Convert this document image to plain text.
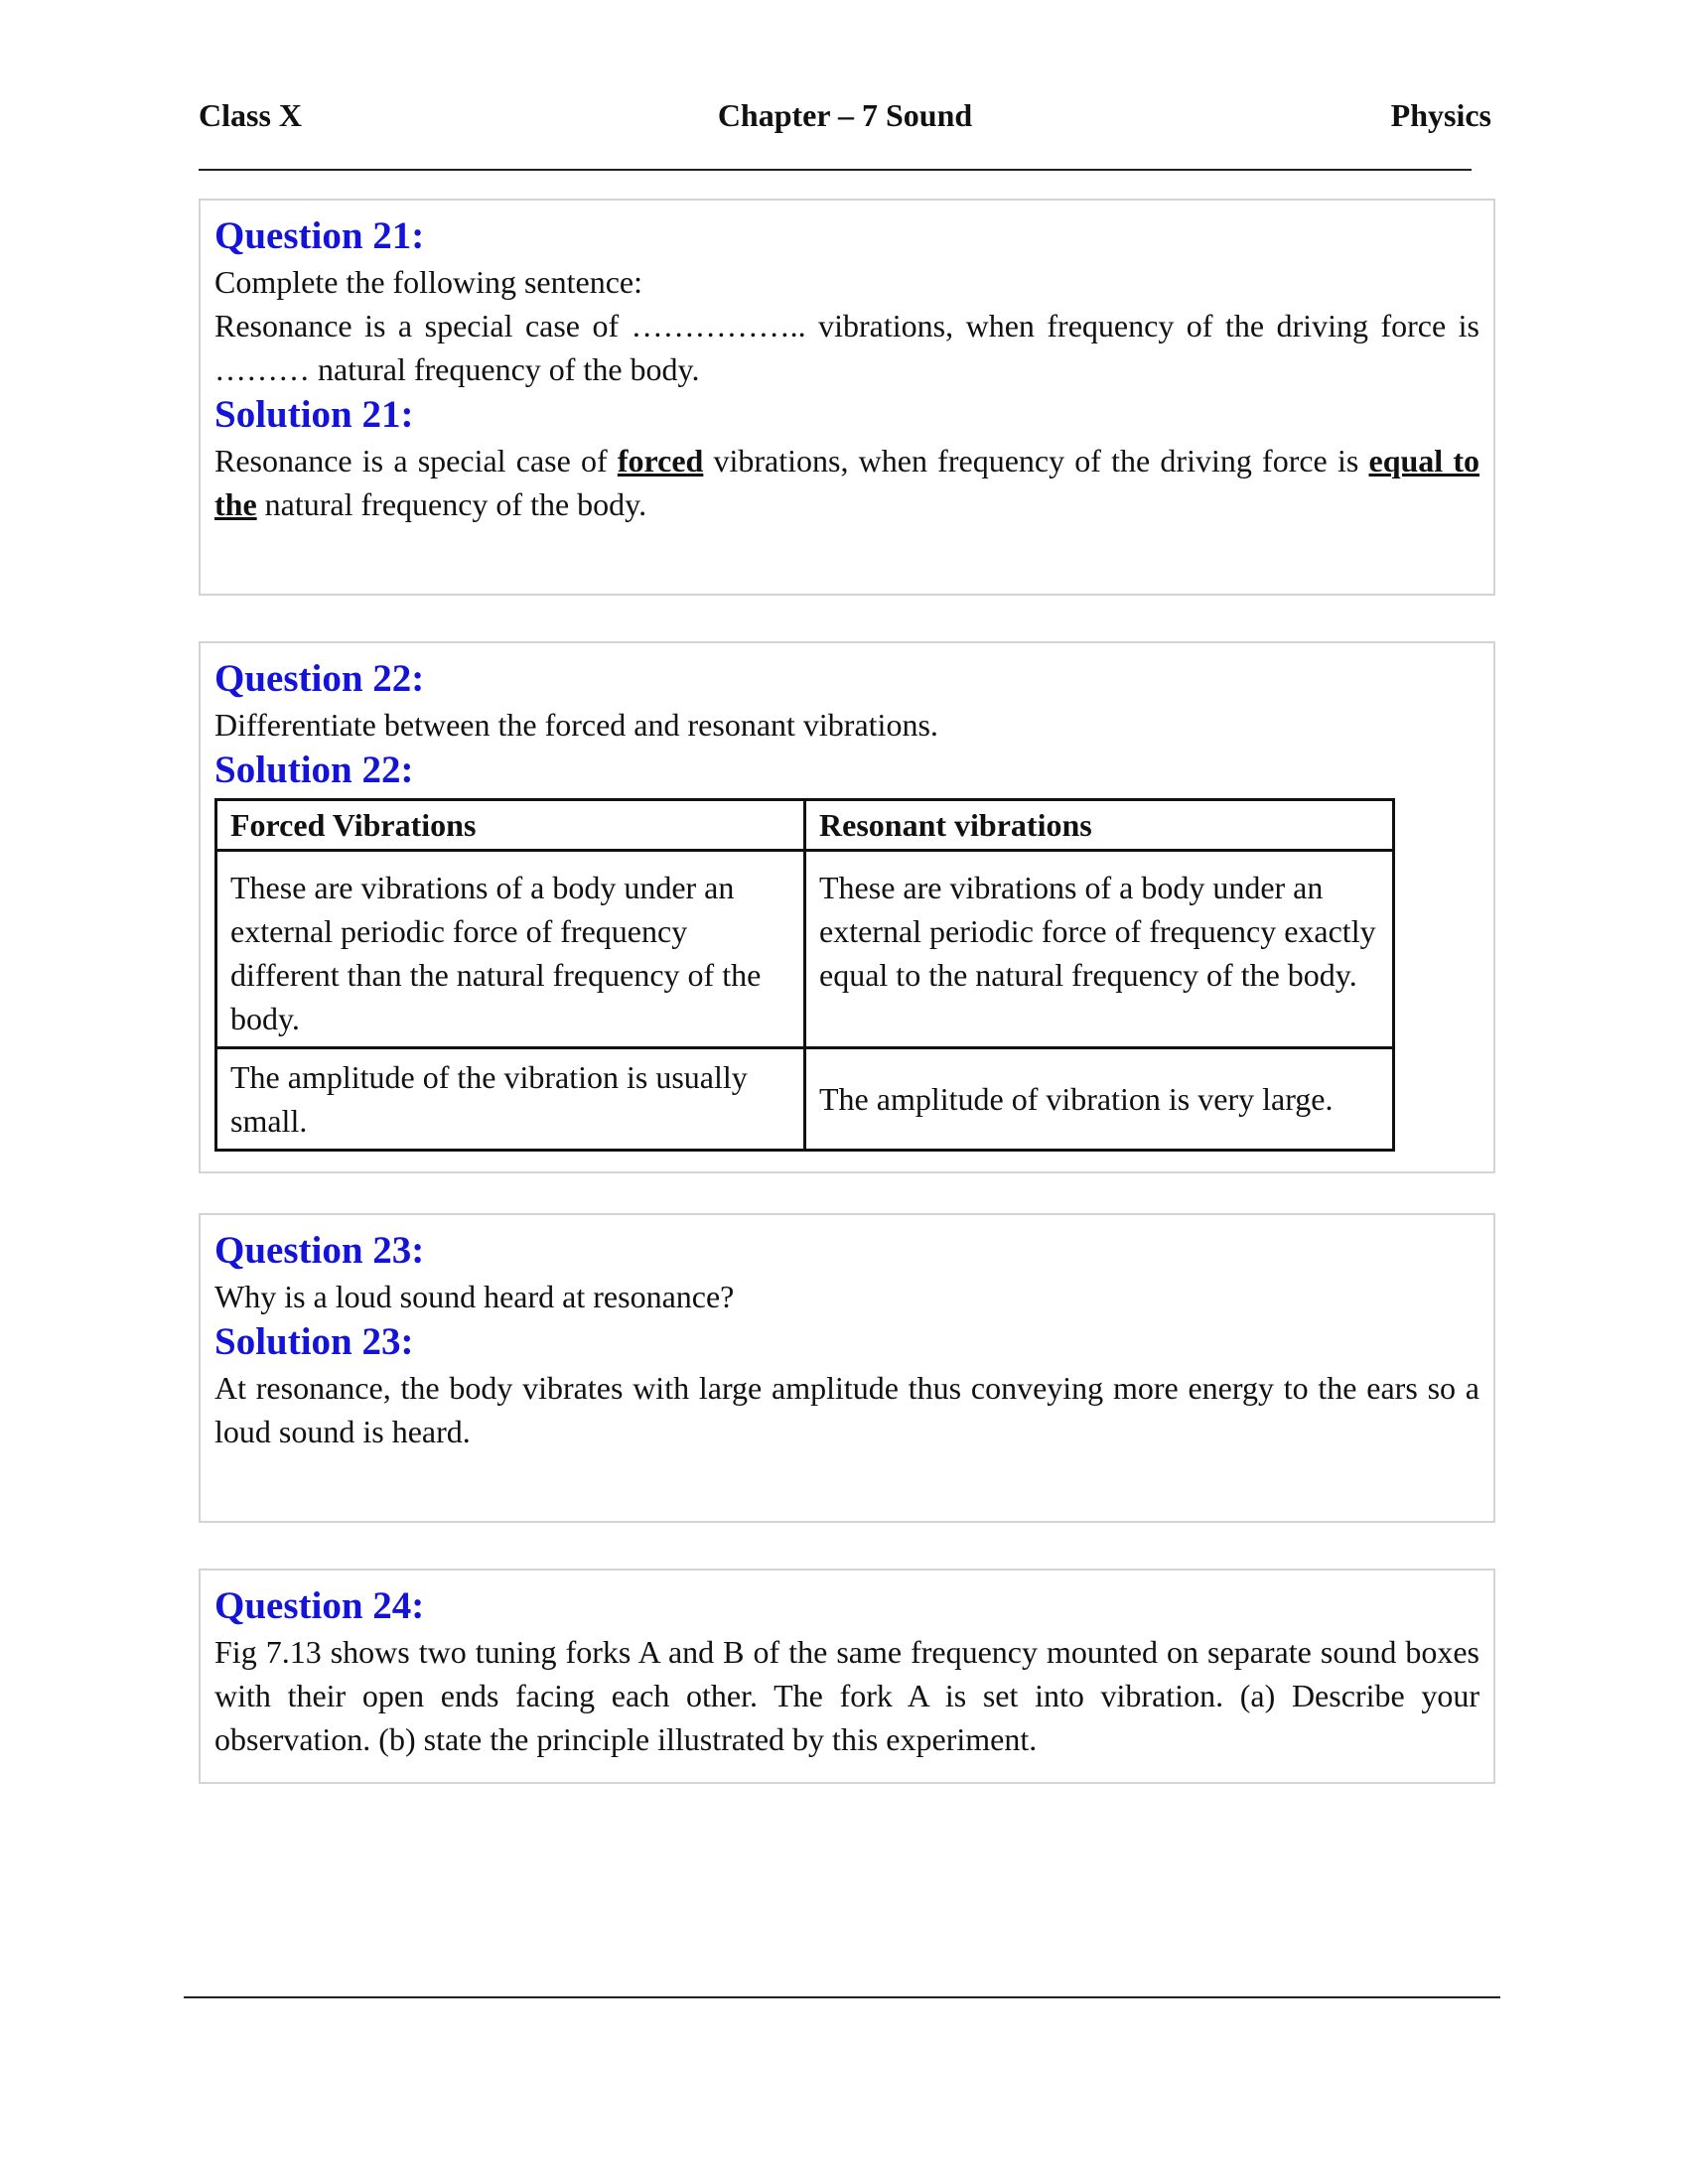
Chapter – 7 Sound
Class X	Physics
Question 21:
Complete the following sentence:
Resonance is a special case of …………….. vibrations, when frequency of the driving force is ……… natural frequency of the body.
Solution 21:
Resonance is a special case of forced vibrations, when frequency of the driving force is equal to the natural frequency of the body.
Question 22:
Differentiate between the forced and resonant vibrations.
Solution 22:
Forced Vibrations	Resonant vibrations
These are vibrations of a body under an external periodic force of frequency different than the natural frequency of the body.	These are vibrations of a body under an external periodic force of frequency exactly equal to the natural frequency of the body.
The amplitude of the vibration is usually small.	The amplitude of vibration is very large.
Question 23:
Why is a loud sound heard at resonance?
Solution 23:
At resonance, the body vibrates with large amplitude thus conveying more energy to the ears so a loud sound is heard.
Question 24:
Fig 7.13 shows two tuning forks A and B of the same frequency mounted on separate sound boxes with their open ends facing each other. The fork A is set into vibration. (a) Describe your observation. (b) state the principle illustrated by this experiment.
